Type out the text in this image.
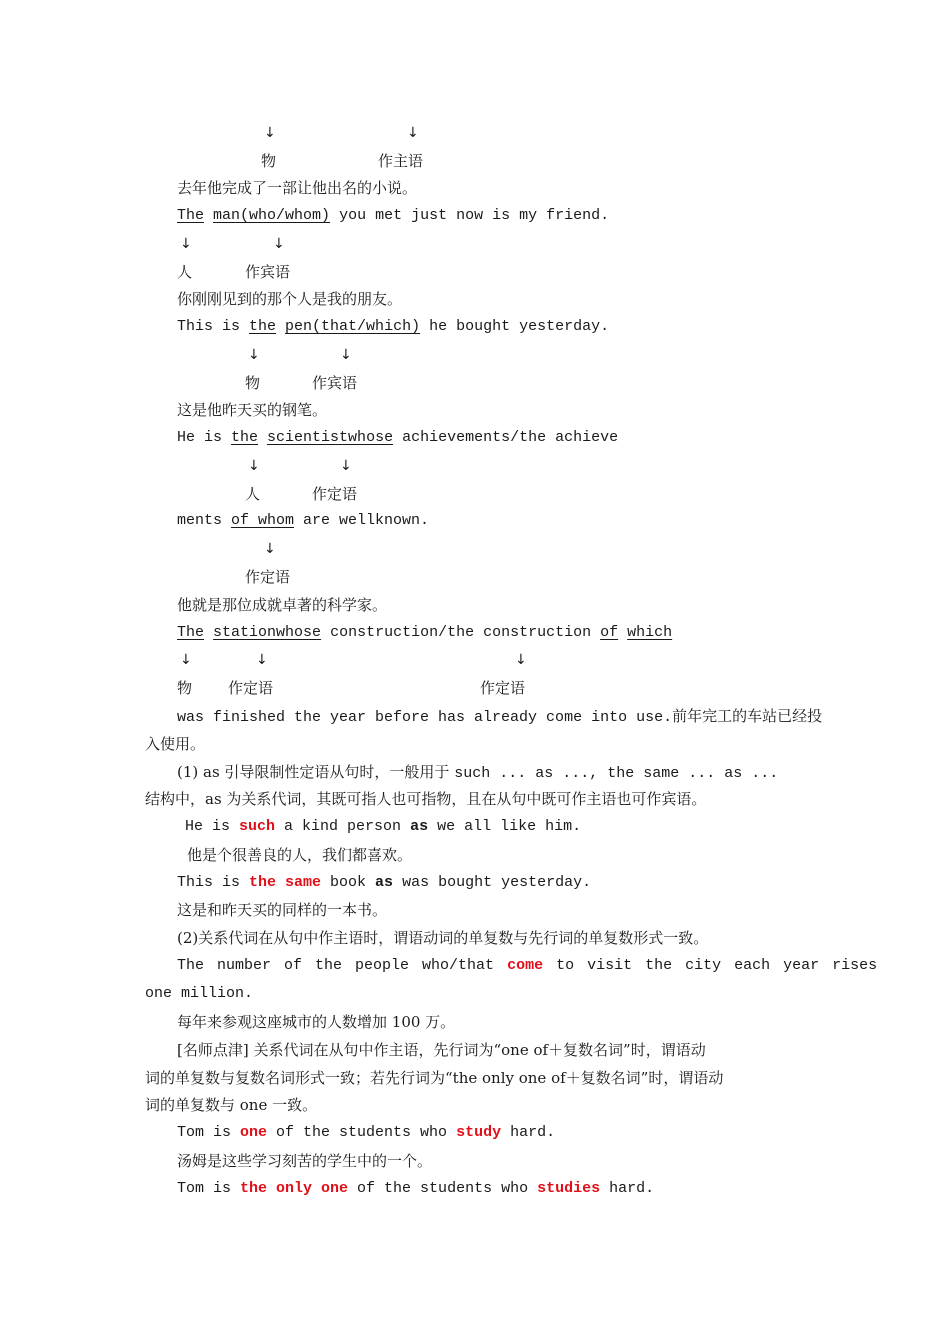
↓	↓
物	作主语
去年他完成了一部让他出名的小说。
The man(who/whom) you met just now is my friend.
↓	↓
人	作宾语
你刚刚见到的那个人是我的朋友。
This is the pen(that/which) he bought yesterday.
↓	↓
物	作宾语
这是他昨天买的钢笔。
He is the scientistwhose achievements/the achieve
↓	↓
人	作定语
ments of whom are wellknown.
↓
作定语
他就是那位成就卓著的科学家。
The stationwhose construction/the construction of which
↓	↓	↓
物 作定语	作定语
was finished the year before has already come into use.前年完工的车站已经投
入使用。
(1) as 引导限制性定语从句时，一般用于 such ... as ..., the same ... as ...
结构中，as 为关系代词，其既可指人也可指物，且在从句中既可作主语也可作宾语。
He is such a kind person as we all like him.
他是个很善良的人，我们都喜欢。
This is the same book as was bought yesterday.
这是和昨天买的同样的一本书。
(2)关系代词在从句中作主语时，谓语动词的单复数与先行词的单复数形式一致。
The number of the people who/that come to visit the city each year rises
one million.
每年来参观这座城市的人数增加 100 万。
[名师点津] 关系代词在从句中作主语，先行词为“one of＋复数名词”时，谓语动
词的单复数与复数名词形式一致；若先行词为“the only one of＋复数名词”时，谓语动
词的单复数与 one 一致。
Tom is one of the students who study hard.
汤姆是这些学习刻苦的学生中的一个。
Tom is the only one of the students who studies hard.
